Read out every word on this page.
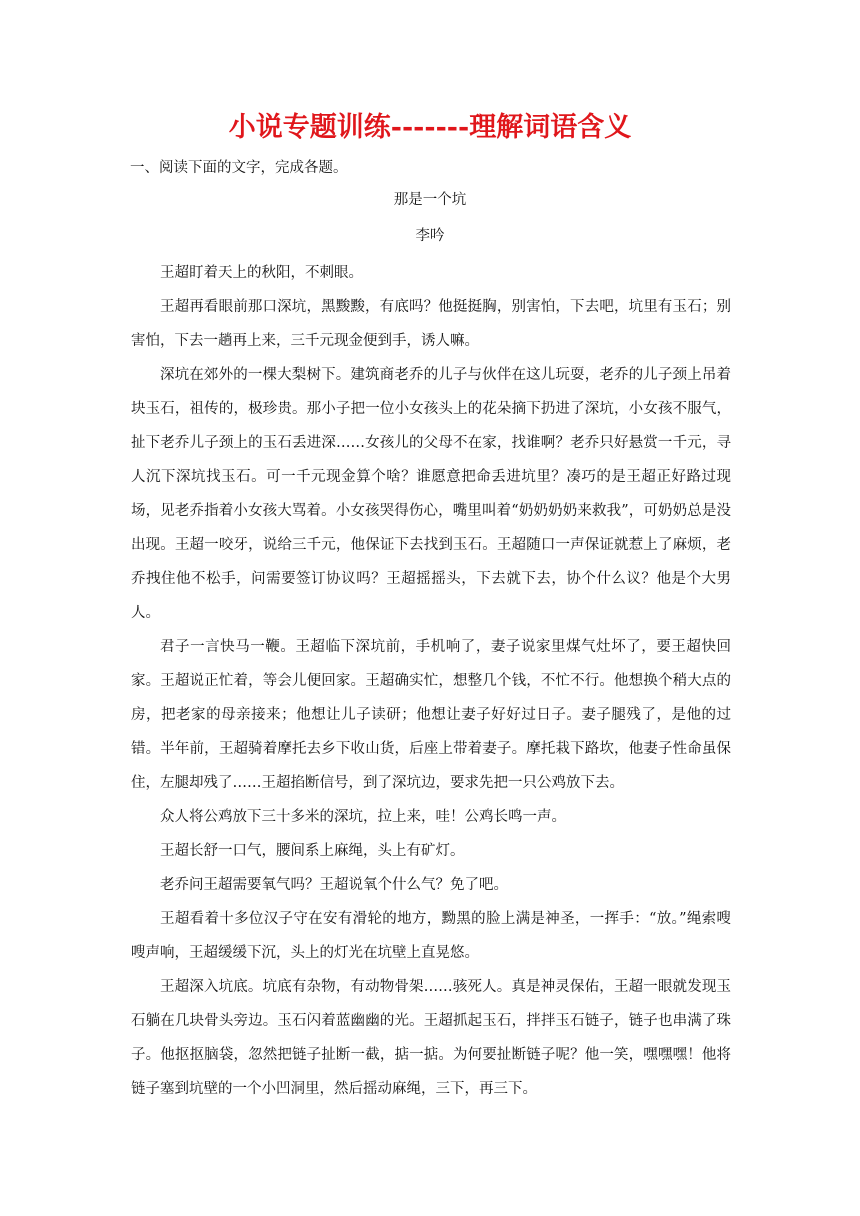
小说专题训练-------理解词语含义
一、阅读下面的文字，完成各题。
那是一个坑
李吟

王超盯着天上的秋阳，不刺眼。

王超再看眼前那口深坑，黑黢黢，有底吗？他挺挺胸，别害怕，下去吧，坑里有玉石；别害怕，下去一趟再上来，三千元现金便到手，诱人嘛。

深坑在郊外的一棵大梨树下。建筑商老乔的儿子与伙伴在这儿玩耍，老乔的儿子颈上吊着块玉石，祖传的，极珍贵。那小子把一位小女孩头上的花朵摘下扔进了深坑，小女孩不服气，扯下老乔儿子颈上的玉石丢进深……女孩儿的父母不在家，找谁啊？老乔只好悬赏一千元，寻人沉下深坑找玉石。可一千元现金算个啥？谁愿意把命丢进坑里？凑巧的是王超正好路过现场，见老乔指着小女孩大骂着。小女孩哭得伤心，嘴里叫着“奶奶奶奶来救我”，可奶奶总是没出现。王超一咬牙，说给三千元，他保证下去找到玉石。王超随口一声保证就惹上了麻烦，老乔拽住他不松手，问需要签订协议吗？王超摇摇头，下去就下去，协个什么议？他是个大男人。

君子一言快马一鞭。王超临下深坑前，手机响了，妻子说家里煤气灶坏了，要王超快回家。王超说正忙着，等会儿便回家。王超确实忙，想整几个钱，不忙不行。他想换个稍大点的房，把老家的母亲接来；他想让儿子读研；他想让妻子好好过日子。妻子腿残了，是他的过错。半年前，王超骑着摩托去乡下收山货，后座上带着妻子。摩托栽下路坎，他妻子性命虽保住，左腿却残了……王超掐断信号，到了深坑边，要求先把一只公鸡放下去。

众人将公鸡放下三十多米的深坑，拉上来，哇！公鸡长鸣一声。

王超长舒一口气，腰间系上麻绳，头上有矿灯。

老乔问王超需要氧气吗？王超说氧个什么气？免了吧。

王超看着十多位汉子守在安有滑轮的地方，黝黑的脸上满是神圣，一挥手：“放。”绳索嗖嗖声响，王超缓缓下沉，头上的灯光在坑壁上直晃悠。

王超深入坑底。坑底有杂物，有动物骨架……骇死人。真是神灵保佑，王超一眼就发现玉石躺在几块骨头旁边。玉石闪着蓝幽幽的光。王超抓起玉石，拌拌玉石链子，链子也串满了珠子。他抠抠脑袋，忽然把链子扯断一截，掂一掂。为何要扯断链子呢？他一笑，嘿嘿嘿！他将链子塞到坑壁的一个小凹洞里，然后摇动麻绳，三下，再三下。
